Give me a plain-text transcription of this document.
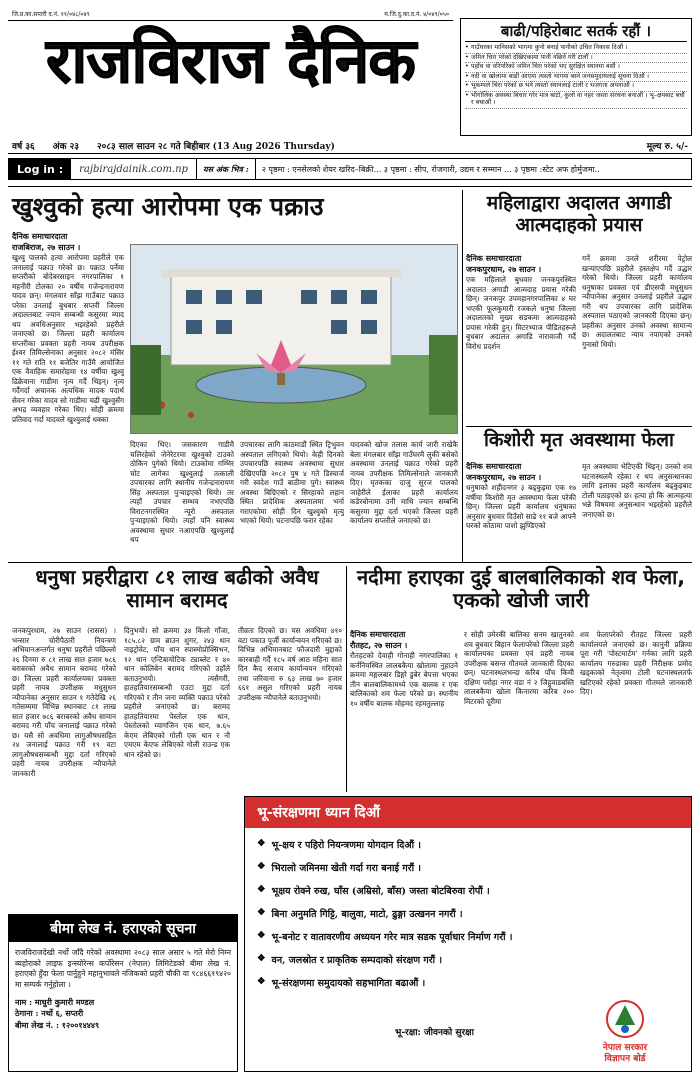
जि.प्र.का.सप्तरी द.नं. ११/०४८/०४९	म.जि.दु.का.द.नं. ४/०४९/०५०
राजविराज दैनिक
वर्ष ३६ अंक २३ २०८३ साल साउन २८ गते बिहीबार (13 Aug 2026 Thursday)	मूल्य रु. ५/-
बाढी/पहिरोबाट सतर्क रहौं ।
• गाउँघरका मानिसको भागमा कुनो बनाई पानीको उचित निकास दिऔं ।
• जमिन चिरा परेको देखिएकामा पानी नछिर्ने गरी टालौं ।
• पहाँच वा वरिपरिको जमिन चिरा परेको भए सुरक्षित स्थानमा बसौं ।
• नदी वा खोलामा बाढी आएमा त्यस्तो भागमा बस्ने जनसमुदायलाई सूचना दिऔं ।
• भूकम्पले चिरा परेको छ भने त्यस्तो स्थानलाई टाली र भजगता अपनाऔं ।
• भौगोलिक अवस्था बिचार गरेर मात्र बाटो, कुलो वा नहर जस्ता संरचना बनाऔं । भू–क्षयबाट बचौं र बचाऔं ।
Log in :	rajbirajdainik.com.np	यस अंक भित्र :	२ पृष्ठमा : एनसेलको शेयर खरिद–बिक्री... ३ पृष्ठमा : सीप, रोजगारी, उद्यम र सम्मान ... ३ पृष्ठमा :स्टेट अफ होर्मुजमा..
खुश्वुको हत्या आरोपमा एक पक्राउ
दैनिक समाचारदाता
राजबिराज, २७ साउन ।
खुश्वु पालको हत्या आरोपमा प्रहरीले एक जनालाई पक्राउ गरेको छ। पक्राउ पर्नेमा सप्तरीको बोदेबरसाइन नगरपालिका १ महनीरी टोलका २० वर्षीय गजेन्द्रनारायण यादव छन्। मंगलवार साँझ गाउँबाट पक्राउ परेका उनलाई बुधबार सप्तरी जिल्ला अदालतबाट ज्यान सम्बन्धी कसुरमा म्याद थप अवधिअनुसार भइरहेको प्रहरीले जनाएको छ। जिल्ला प्रहरी कार्यालय सप्तरीका प्रवक्ता प्रहरी नायब उपरीक्षक ईश्वर तिमिल्सेनाका अनुसार २०८२ मंसिर ११ गते राति ११ बजेतिर गाउँमै आयोजित एक वैवाहिक समारोहमा १४ वर्षीया खुश्वु ढिक्रेवाना गाडीमा नृत्य गर्दै थिइन्। नृत्य गर्दैगर्दा अचानक अत्यधिक मादक पदार्थ सेवन गरेका यादव सो गाडीमा चढी खुश्वुसँग अभद्र व्यवहार गरेका थिए। सोही क्रममा प्रतिवाद गर्दा यादवले खुश्वुलाई धक्का
दिएका थिए। जसकारण गाडीमै चलिरहेको जेनेरेटरमा खुश्वुको टाउको ठोकिन पुगेको थियो। टाउकोमा गम्भिर चोट लागेका खुश्वुलाई तत्काली उपचारका लागि स्थानीय गजेन्द्रनारायण सिंह अस्पताल पुऱ्याइएको थियो। तर त्यहाँ उपचार सम्भव नभएपछि विराटनगरस्थित न्यूरो अस्पताल पुऱ्याइएको थियो। त्यहाँ पनि स्वास्थ्य अवस्थामा सुधार नआएपछि खुश्वुलाई थप
उपचारका लागि काठमाडौं स्थित ट्रिभुवन अस्पताल लगिएको थियो। केही दिनको उपचारपछि स्वास्थ्य अवस्थामा सुधार देखिएपछि २०८२ पुष ४ गते डिस्चार्ज गरी स्वदेश गाउँ बाठीमा पुगे। स्वास्थ्य अवस्था बिग्रिएको र सिरहाको लहान स्थित प्रादेशिक अस्पतालमा भर्ना गराएकोमा सोही दिन खुश्वुको मृत्यु भएको थियो। घटनापछि फरार रहेका
यादवको खोज तलास कार्य जारी राखेकै बेला मंगलबार साँझ गाउँघरमै लुकी बसेको अवस्थामा उनलाई पक्राउ गरेको प्रहरी नायब उपरीक्षक तिमिल्सेनाले जानकारी दिए। मृतकका दाजु सुरज पालको जाहेरीले ईलाका प्रहरी कार्यालय कडेरबोनामा उनी माथि ज्यान सम्बन्धि कसुरमा मुद्दा दर्ता भएको जिल्ला प्रहरी कार्यालय सप्तरीले जनाएको छ।
महिलाद्वारा अदालत अगाडी आत्मदाहको प्रयास
दैनिक समाचारदाता
जनकपुरधाम, २७ साउन ।
एक महिलाले बुधवार जनकपुरस्थित अदालत अगाडी आत्मदाह प्रयास गरेकी छिन्। जनकपुर उपमहानगरपालिका ४ घर भएकी फूलकुमारी रजकले धनुषा जिल्ला अदालतको मुख्य सडकमा आत्मदाहको प्रयास गरेकी हुन्। मिटरभ्याज पीडितहरूले बुधबार अदालत अगाडि नारावाजी गर्दै विरोध प्रदर्शन
गर्ने क्रममा उनले शरीरमा पेट्रोल खन्याएपछि प्रहरीले हस्तक्षेप गर्दै उद्धार गरेको थियो। जिल्ला प्रहरी कार्यालय धनुषाका प्रवक्ता एवं डीएसपी मधुसुधन न्यौपानेका अनुसार उनलाई प्रहरीले उद्धार गरी थप उपचारका लागि प्रादेशिक अस्पताल पठाएको जानकारी दिएका छन्। प्रहरीका अनुसार उनको अवस्था सामान्य छ। अदालतबाट न्याय नपाएको उनको गुनासो थियो।
किशोरी मृत अवस्थामा फेला
दैनिक समाचारदाता
जनकपुरधाम, २७ साउन ।
धनुषाको शहीदनगर ३ बढ्कुइमा एक १७ वर्षीया किशोरी मृत अवस्थामा फेला परेकी छिन्। जिल्ला प्रहरी कार्यालय धनुषाका अनुसार बुधवार दिउँसो साढे ११ बजे आफ्नै घरको कोठामा पाशो झुण्डिएको
मृत अवस्थामा भेटिएकी थिइन्। उनको शव घटनास्थलमै रहेका र थप अनुसन्धानका लागि इलाका प्रहरी कार्यालय बढ्कुइबाट टोली पठाइएको छ। हत्या हो कि आत्महत्या भन्ने विषयमा अनुसन्धान भइरहेको प्रहरीले जनाएको छ।
धनुषा प्रहरीद्वारा ८१ लाख बढीको अवैध सामान बरामद
जनकपुरधाम, २७ साउन (रासस) । भन्सार चोरीपैठारी नियन्त्रण अभियानअन्तर्गत धनुषा प्रहरीले पछिल्लो २६ दिनमा रु ८१ लाख सात हजार ७८६ बराबरको अवैध सामान बरामद गरेको छ। जिल्ला प्रहरी कार्यालयका प्रवक्ता प्रहरी नायब उपरीक्षक मधुसुधन न्यौपानेका अनुसार साउन १ गतेदेखि २६ गतेसम्ममा विभिन्न स्थानबाट ८१ लाख सात हजार ७८६ बराबरको अवैध सामान बरामद गरी पाँच जनालाई पक्राउ गरेको छ। यसै सो अवधिमा लागुऔषधसहित २४ जनालाई पक्राउ गरी १९ वटा लागुऔषधसम्बन्धी मुद्दा दर्ता गरिएको प्रहरी नायब उपरीक्षक न्यौपानेले जानकारी
दिनुभयो। सो क्रममा ३४ किलो गाँजा, १८५.८२ ग्राम ब्राउन शुगर, २४३ थान नाइट्रोवेट, पाँच थान स्पास्मोप्रोक्सिभन, १२ थान एन्टिबायोटिक ट्याब्लेट र ४० थान कोलिबेन बरामद गरिएको उहाँले बताउनुभयो। त्यसैगरी, हातहतियारसम्बन्धी एउटा मुद्दा दर्ता गरिएको र तीन जना व्यक्ति पक्राउ परेको प्रहरीले जनाएको छ। बरामद हातहतियारमा पेस्तोल एक थान, पेस्तोलको म्यागजिन एक थान, ७.६५ केएम लेबिएको गोली एक थान र नौ एमएम केएफ लेबिएको गोली राउन्ड एक थान रहेको छ।
तीव्रता दिएको छ। यस अवधिमा ४१० वटा पकाउ पूर्जी कार्यान्वयन गरिएको छ। विभिन्न अभियानबाट फौजदारी मुद्दाको कारबाही गर्दै १८५ वर्ष आठ महिना सात दिन कैद सजाय कार्यान्वयन गरिएको तथा जरिवाना रु ६३ लाख ७० हजार ६६१ असुल गरिएको प्रहरी नायब उपरीक्षक न्यौपानेले बताउनुभयो।
नदीमा हराएका दुई बालबालिकाको शव फेला, एकको खोजी जारी
दैनिक समाचारदाता
रौतहट, २७ साउन ।
रौतहटको देवाही गोनाही नगरपालिका १ कर्ननियस्थित लालबकैया खोलामा नुहाउने क्रममा मङ्गलबार डिङ्गो डुबेर बेपत्ता भएका तीन बालबालिकामध्ये एक बालक र एक बालिकाको शव फेला परेको छ। स्थानीय १० वर्षीय बालक मोहमद रहमतुल्लाह
र सोही उमेरकी बालिका सनम खातुनको शव बुधवार बिहान फेलापरेको जिल्ला प्रहरी कार्यालयका प्रवक्ता एवं प्रहरी नायब उपरीक्षक बसन्त गौतमले जानकारी दिएका छन्। घटनास्थलभन्दा करिब पाँच किमी दक्षिण परोहा नगर वडा नं २ जिहुवाडबस्ति लालबकैया खोला किनारमा करिब २०० मिटरको दूरीमा
शव फेलापरेको रौतहट जिल्ला प्रहरी कार्यालयले जनाएको छ। कानुनी प्रक्रिया पूरा गरी 'पोस्टमार्टम' गर्नका लागि प्रहरी कार्यालय गरुडाका प्रहरी निरीक्षक प्रमोद खड्काको नेतृत्वमा टोली घटनास्थलतर्फ खटिएको रहेको प्रवक्ता गौतमले जानकारी दिए।
भू-संरक्षणमा ध्यान दिऔं
❖ भू-क्षय र पहिरो नियन्त्रणमा योगदान दिऔं ।
❖ भिरालो जमिनमा खेती गर्दा गरा बनाई गरौं ।
❖ भूक्षय रोक्ने रुख, घाँस (अम्रिसो, बाँस) जस्ता बोटबिरुवा रोपौं ।
❖ बिना अनुमति गिट्टि, बालुवा, माटो, ढुङ्गा उत्खनन नगरौं ।
❖ भू-बनोट र वातावरणीय अध्ययन गरेर मात्र सडक पूर्वाधार निर्माण गरौं ।
❖ वन, जलस्रोत र प्राकृतिक सम्पदाको संरक्षण गरौं ।
❖ भू-संरक्षणमा समुदायको सहभागिता बढाऔं ।
भू-रक्षा: जीवनको सुरक्षा
नेपाल सरकार
विज्ञापन बोर्ड
बीमा लेख नं. हराएको सूचना
राजविराजदेखी नर्थो जाँदै गरेको अवस्थामा २०८३ साल असार ५ गते मेरो निम्न ब्यहोराको लाइफ इन्स्योरेन्स कर्पोरेसन (नेपाल) लिमिटेडको बीमा लेख नं. हराएको हुँदा फेला पार्नुहुने महानुभावले नजिकको प्रहरी चौकी वा ९८४६६१९४२० मा सम्पर्क गर्नुहोला ।
नाम : माधुरी कुमारी मण्डल
ठेगाना : नर्थो ६, सप्तरी
बीमा लेख नं. : १२००१४४४९
